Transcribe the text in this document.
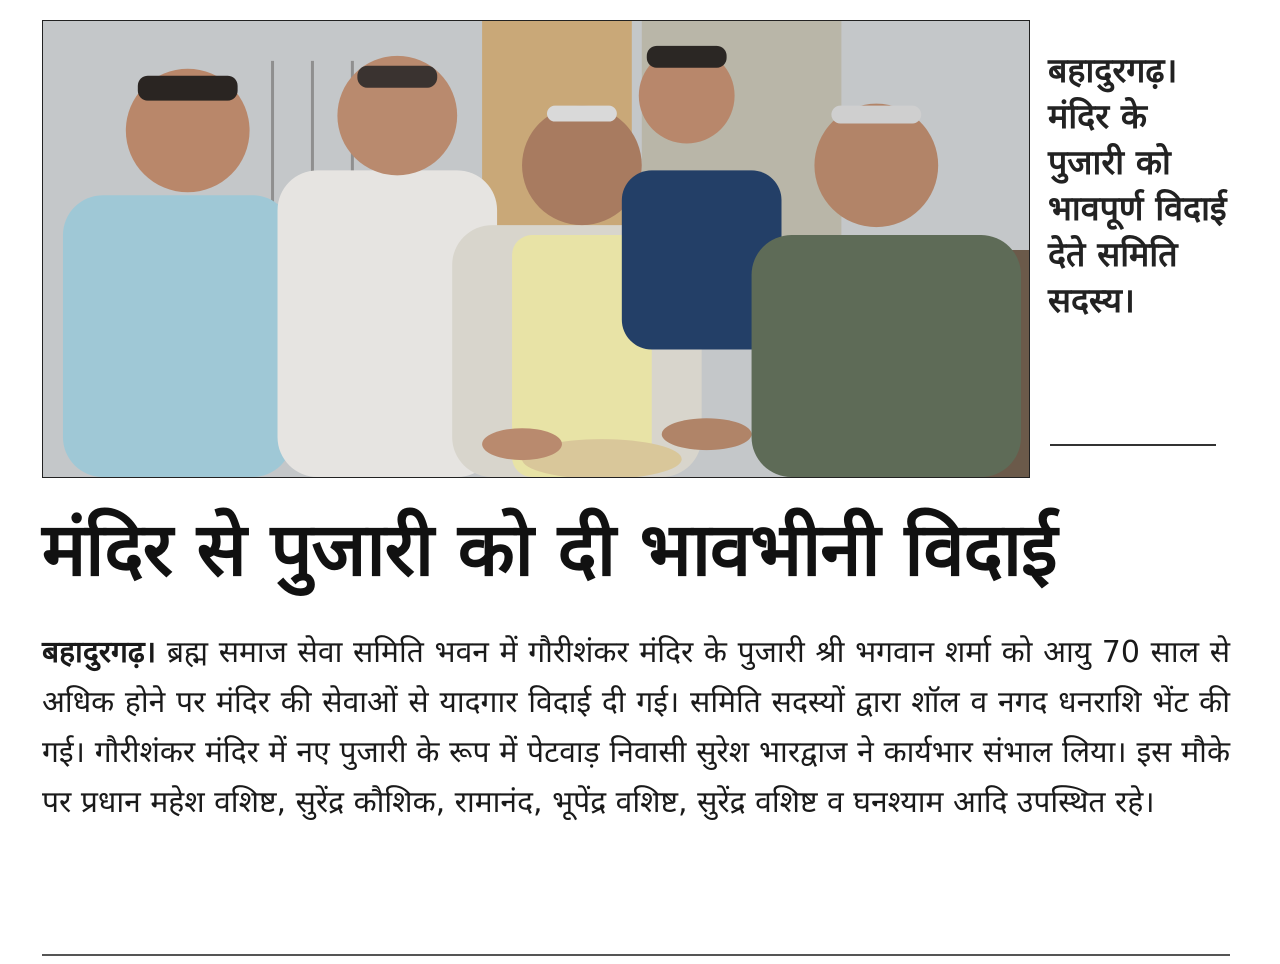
बहादुरगढ़। मंदिर के पुजारी को भावपूर्ण विदाई देते समिति सदस्य।
मंदिर से पुजारी को दी भावभीनी विदाई
बहादुरगढ़। ब्रह्म समाज सेवा समिति भवन में गौरीशंकर मंदिर के पुजारी श्री भगवान शर्मा को आयु 70 साल से अधिक होने पर मंदिर की सेवाओं से यादगार विदाई दी गई। समिति सदस्यों द्वारा शॉल व नगद धनराशि भेंट की गई। गौरीशंकर मंदिर में नए पुजारी के रूप में पेटवाड़ निवासी सुरेश भारद्वाज ने कार्यभार संभाल लिया। इस मौके पर प्रधान महेश वशिष्ट, सुरेंद्र कौशिक, रामानंद, भूपेंद्र वशिष्ट, सुरेंद्र वशिष्ट व घनश्याम आदि उपस्थित रहे।
